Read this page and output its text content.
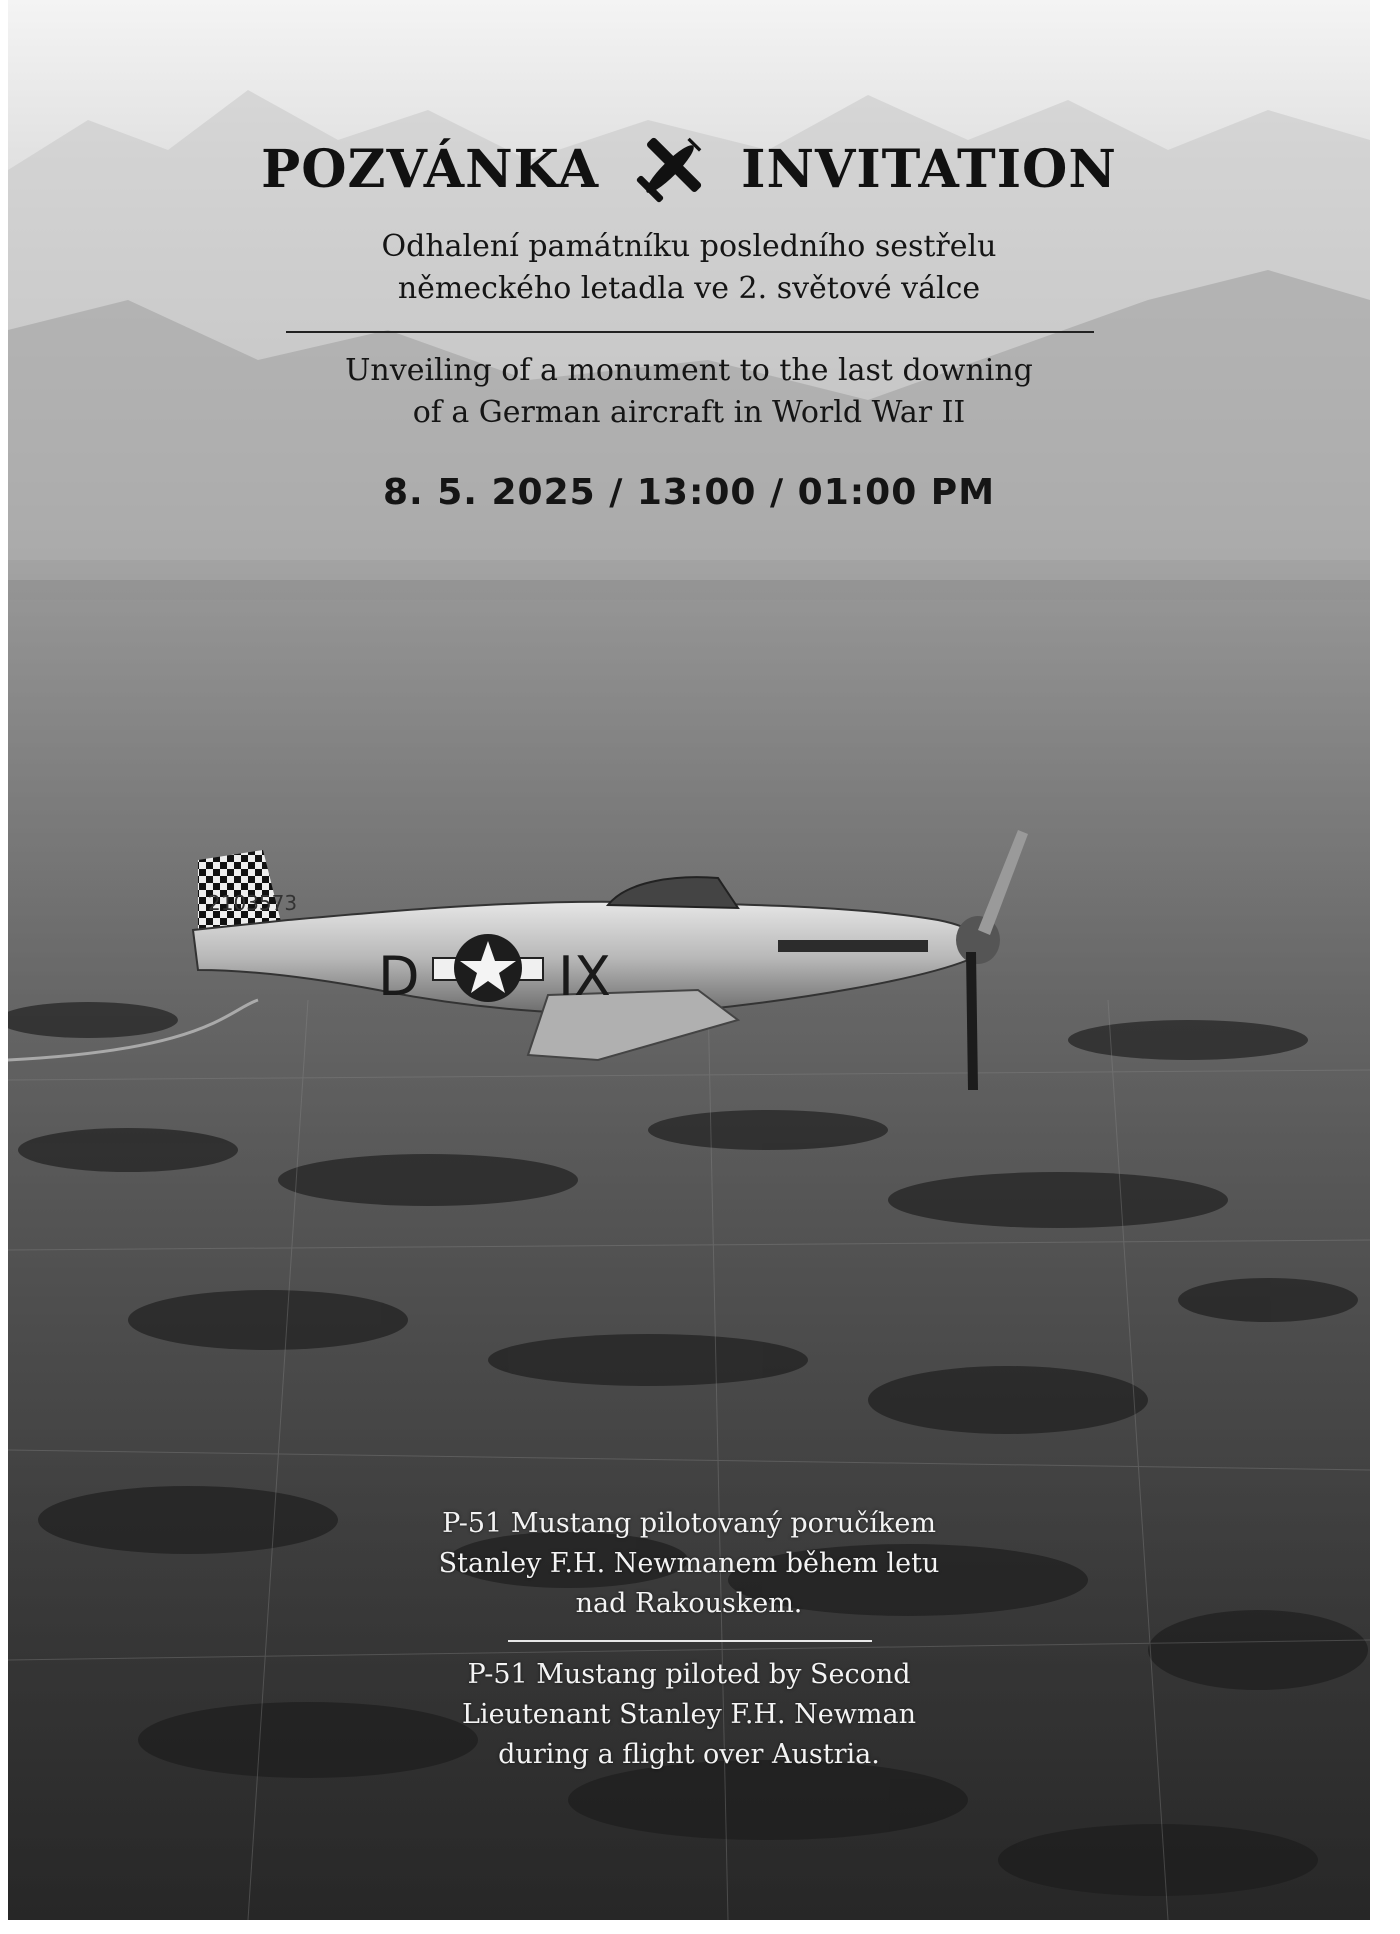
2103573
D	IX
POZVÁNKA	INVITATION
Odhalení památníku posledního sestřelu
německého letadla ve 2. světové válce
Unveiling of a monument to the last downing
of a German aircraft in World War II
8. 5. 2025 / 13:00 / 01:00 PM
P-51 Mustang pilotovaný poručíkem
Stanley F.H. Newmanem během letu
nad Rakouskem.
P-51 Mustang piloted by Second
Lieutenant Stanley F.H. Newman
during a flight over Austria.
